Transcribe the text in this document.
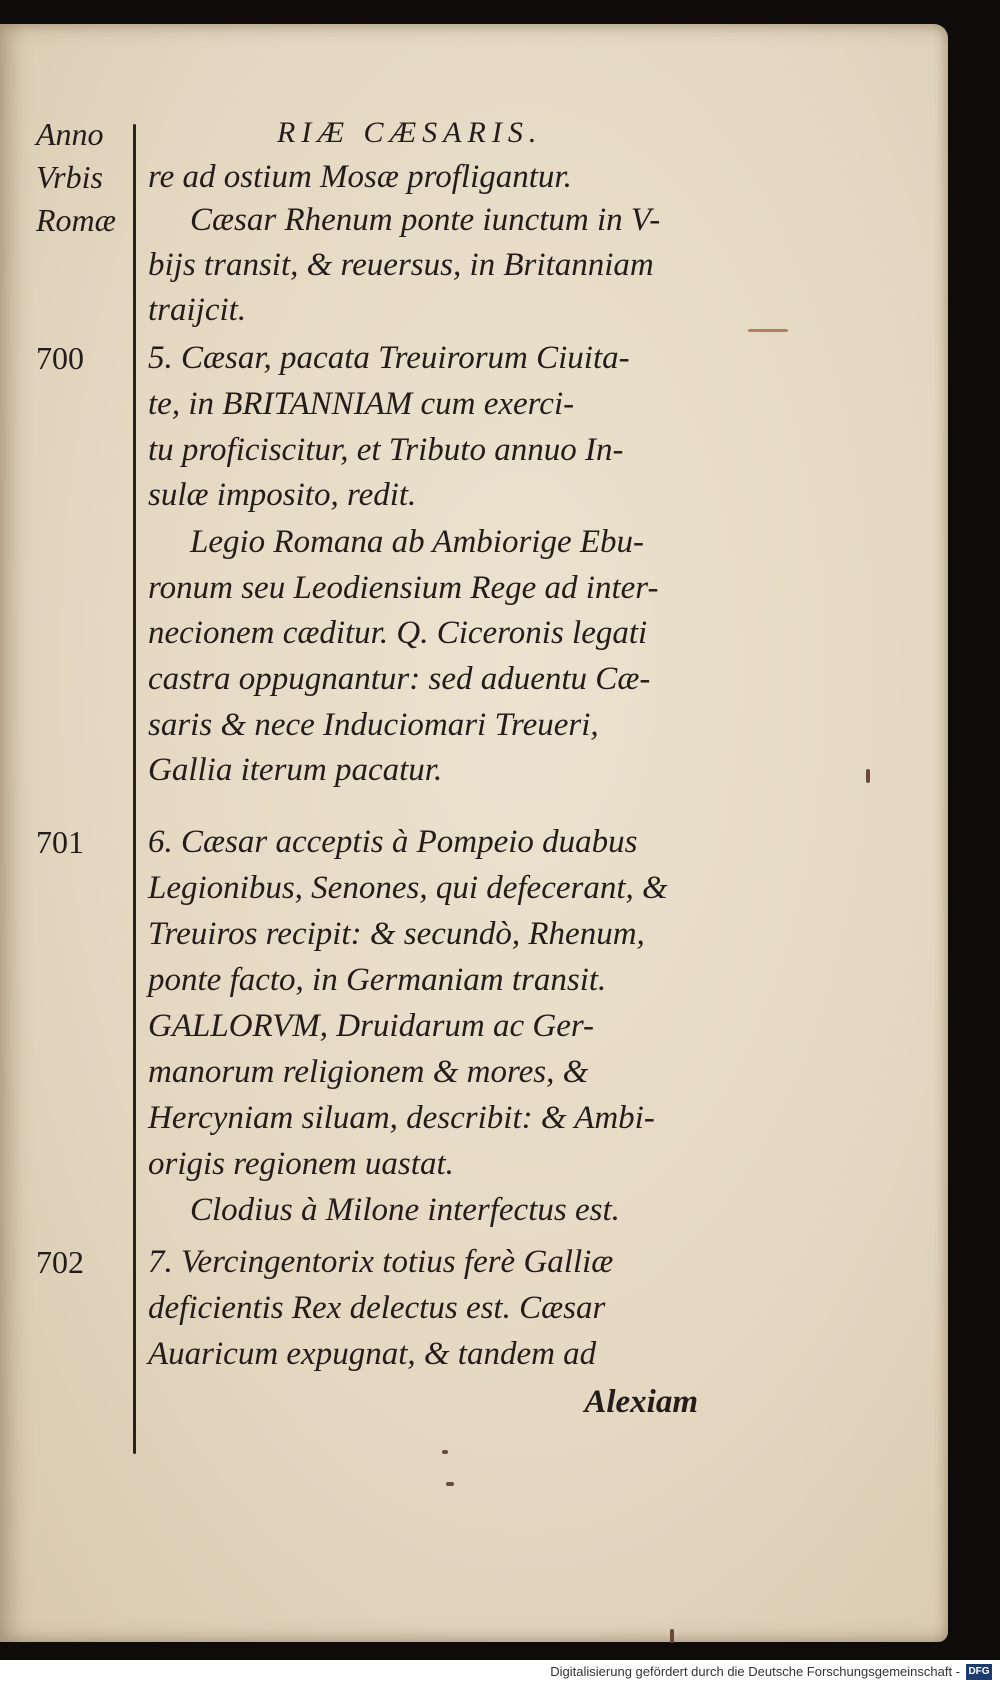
RIÆ CÆSARIS.
Anno
Vrbis
Romæ
700
701
702
re ad ostium Mosæ profligantur.
Cæsar Rhenum ponte iunctum in V-
bijs transit, & reuersus, in Britanniam
traijcit.
5. Cæsar, pacata Treuirorum Ciuita-
te, in BRITANNIAM cum exerci-
tu proficiscitur, et Tributo annuo In-
sulæ imposito, redit.
Legio Romana ab Ambiorige Ebu-
ronum seu Leodiensium Rege ad inter-
necionem cæditur. Q. Ciceronis legati
castra oppugnantur: sed aduentu Cæ-
saris & nece Induciomari Treueri,
Gallia iterum pacatur.
6. Cæsar acceptis à Pompeio duabus
Legionibus, Senones, qui defecerant, &
Treuiros recipit: & secundò, Rhenum,
ponte facto, in Germaniam transit.
GALLORVM, Druidarum ac Ger-
manorum religionem & mores, &
Hercyniam siluam, describit: & Ambi-
origis regionem uastat.
Clodius à Milone interfectus est.
7. Vercingentorix totius ferè Galliæ
deficientis Rex delectus est. Cæsar
Auaricum expugnat, & tandem ad
Alexiam
Digitalisierung gefördert durch die Deutsche Forschungsgemeinschaft - DFG
